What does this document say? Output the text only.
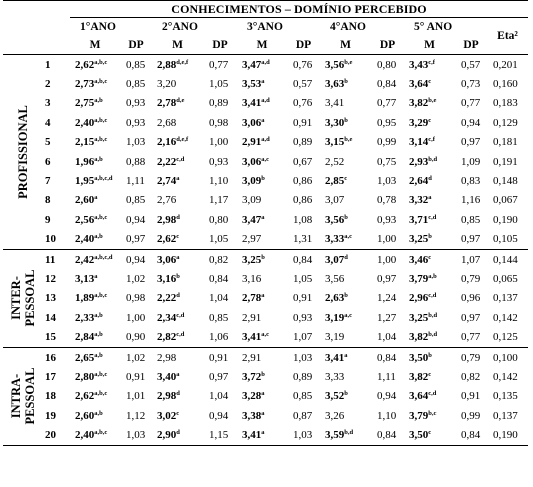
		CONHECIMENTOS – DOMÍNIO PERCEBIDO										
		1°ANO		2°ANO		3°ANO		4°ANO		5° ANO		Eta²
		M	DP	M	DP	M	DP	M	DP	M	DP	

PROFISSIONAL	1	2,62$^{a,b,c}$	0,85	2,88$^{d,e,f}$	0,77	3,47$^{a,d}$	0,76	3,56$^{b,e}$	0,80	3,43$^{c,f}$	0,57	0,201
	2	2,73$^{a,b,c}$	0,85	3,20	1,05	3,53$^a$	0,57	3,63$^b$	0,84	3,64$^c$	0,73	0,160
	3	2,75$^{a,b}$	0,93	2,78$^{d,e}$	0,89	3,41$^{a,d}$	0,76	3,41	0,77	3,82$^{b,e}$	0,77	0,183
	4	2,40$^{a,b,c}$	0,93	2,68	0,98	3,06$^a$	0,91	3,30$^b$	0,95	3,29$^c$	0,94	0,129
	5	2,15$^{a,b,c}$	1,03	2,16$^{d,e,f}$	1,00	2,91$^{a,d}$	0,89	3,15$^{b,e}$	0,99	3,14$^{c,f}$	0,97	0,181
	6	1,96$^{a,b}$	0,88	2,22$^{c,d}$	0,93	3,06$^{a,c}$	0,67	2,52	0,75	2,93$^{b,d}$	1,09	0,191
	7	1,95$^{a,b,c,d}$	1,11	2,74$^a$	1,10	3,09$^b$	0,86	2,85$^c$	1,03	2,64$^d$	0,83	0,148
	8	2,60$^a$	0,85	2,76	1,17	3,09	0,86	3,07	0,78	3,32$^a$	1,16	0,067
	9	2,56$^{a,b,c}$	0,94	2,98$^d$	0,80	3,47$^a$	1,08	3,56$^b$	0,93	3,71$^{c,d}$	0,85	0,190
	10	2,40$^{a,b}$	0,97	2,62$^c$	1,05	2,97	1,31	3,33$^{a,c}$	1,00	3,25$^b$	0,97	0,105

INTER-
PESSOAL	11	2,42$^{a,b,c,d}$	0,94	3,06$^a$	0,82	3,25$^b$	0,84	3,07$^d$	1,00	3,46$^c$	1,07	0,144
	12	3,13$^a$	1,02	3,16$^b$	0,84	3,16	1,05	3,56	0,97	3,79$^{a,b}$	0,79	0,065
	13	1,89$^{a,b,c}$	0,98	2,22$^d$	1,04	2,78$^a$	0,91	2,63$^b$	1,24	2,96$^{c,d}$	0,96	0,137
	14	2,33$^{a,b}$	1,00	2,34$^{c,d}$	0,85	2,91	0,93	3,19$^{a,c}$	1,27	3,25$^{b,d}$	0,97	0,142
	15	2,84$^{a,b}$	0,90	2,82$^{c,d}$	1,06	3,41$^{a,c}$	1,07	3,19	1,04	3,82$^{b,d}$	0,77	0,125

INTRA-
PESSOAL	16	2,65$^{a,b}$	1,02	2,98	0,91	2,91	1,03	3,41$^a$	0,84	3,50$^b$	0,79	0,100
	17	2,80$^{a,b,c}$	0,91	3,40$^a$	0,97	3,72$^b$	0,89	3,33	1,11	3,82$^c$	0,82	0,142
	18	2,62$^{a,b,c}$	1,01	2,98$^d$	1,04	3,28$^a$	0,85	3,52$^b$	0,94	3,64$^{c,d}$	0,91	0,135
	19	2,60$^{a,b}$	1,12	3,02$^c$	0,94	3,38$^a$	0,87	3,26	1,10	3,79$^{b,c}$	0,99	0,137
	20	2,40$^{a,b,c}$	1,03	2,90$^d$	1,15	3,41$^a$	1,03	3,59$^{b,d}$	0,84	3,50$^c$	0,84	0,190
